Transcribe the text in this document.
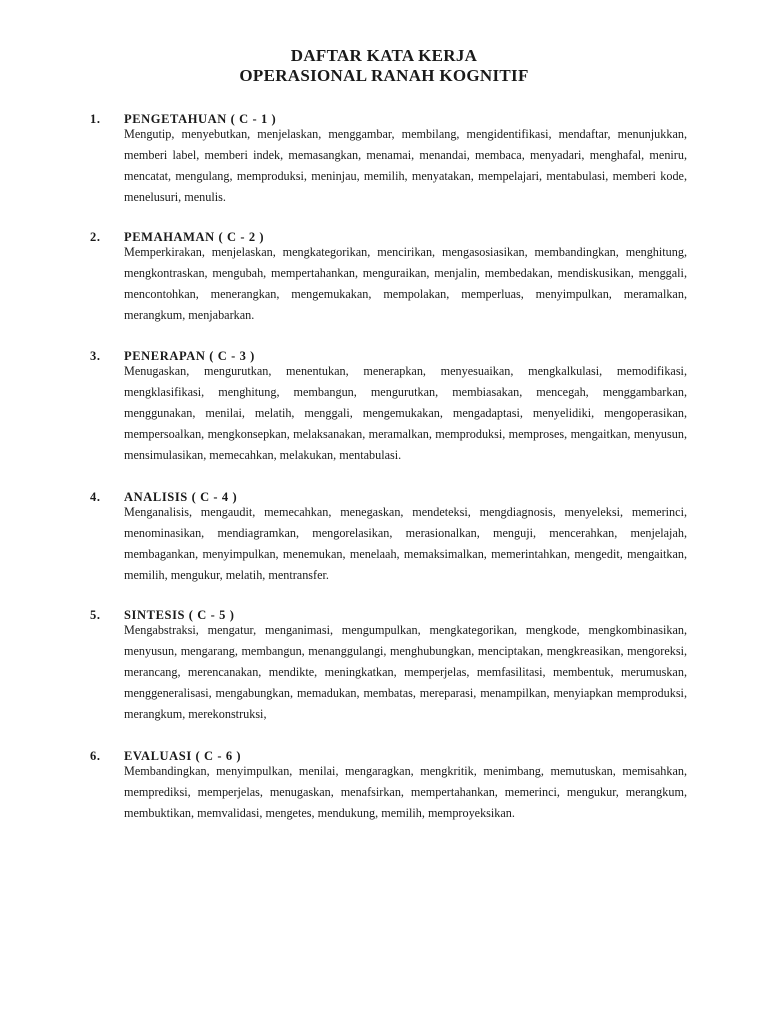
DAFTAR KATA KERJA
OPERASIONAL RANAH KOGNITIF
1. PENGETAHUAN ( C - 1 )
Mengutip, menyebutkan, menjelaskan, menggambar, membilang, mengidentifikasi, mendaftar, menunjukkan, memberi label, memberi indek, memasangkan, menamai, menandai, membaca, menyadari, menghafal, meniru, mencatat, mengulang, memproduksi, meninjau, memilih, menyatakan, mempelajari, mentabulasi, memberi kode, menelusuri, menulis.
2. PEMAHAMAN ( C - 2 )
Memperkirakan, menjelaskan, mengkategorikan, mencirikan, mengasosiasikan, membandingkan, menghitung, mengkontraskan, mengubah, mempertahankan, menguraikan, menjalin, membedakan, mendiskusikan, menggali, mencontohkan, menerangkan, mengemukakan, mempolakan, memperluas, menyimpulkan, meramalkan, merangkum, menjabarkan.
3. PENERAPAN ( C - 3 )
Menugaskan, mengurutkan, menentukan, menerapkan, menyesuaikan, mengkalkulasi, memodifikasi, mengklasifikasi, menghitung, membangun, mengurutkan, membiasakan, mencegah, menggambarkan, menggunakan, menilai, melatih, menggali, mengemukakan, mengadaptasi, menyelidiki, mengoperasikan, mempersoalkan, mengkonsepkan, melaksanakan, meramalkan, memproduksi, memproses, mengaitkan, menyusun, mensimulasikan, memecahkan, melakukan, mentabulasi.
4. ANALISIS ( C - 4 )
Menganalisis, mengaudit, memecahkan, menegaskan, mendeteksi, mengdiagnosis, menyeleksi, memerinci, menominasikan, mendiagramkan, mengorelasikan, merasionalkan, menguji, mencerahkan, menjelajah, membagankan, menyimpulkan, menemukan, menelaah, memaksimalkan, memerintahkan, mengedit, mengaitkan, memilih, mengukur, melatih, mentransfer.
5. SINTESIS ( C - 5 )
Mengabstraksi, mengatur, menganimasi, mengumpulkan, mengkategorikan, mengkode, mengkombinasikan, menyusun, mengarang, membangun, menanggulangi, menghubungkan, menciptakan, mengkreasikan, mengoreksi, merancang, merencanakan, mendikte, meningkatkan, memperjelas, memfasilitasi, membentuk, merumuskan, menggeneralisasi, mengabungkan, memadukan, membatas, mereparasi, menampilkan, menyiapkan memproduksi, merangkum, merekonstruksi,
6. EVALUASI ( C - 6 )
Membandingkan, menyimpulkan, menilai, mengaragkan, mengkritik, menimbang, memutuskan, memisahkan, memprediksi, memperjelas, menugaskan, menafsirkan, mempertahankan, memerinci, mengukur, merangkum, membuktikan, memvalidasi, mengetes, mendukung, memilih, memproyeksikan.
